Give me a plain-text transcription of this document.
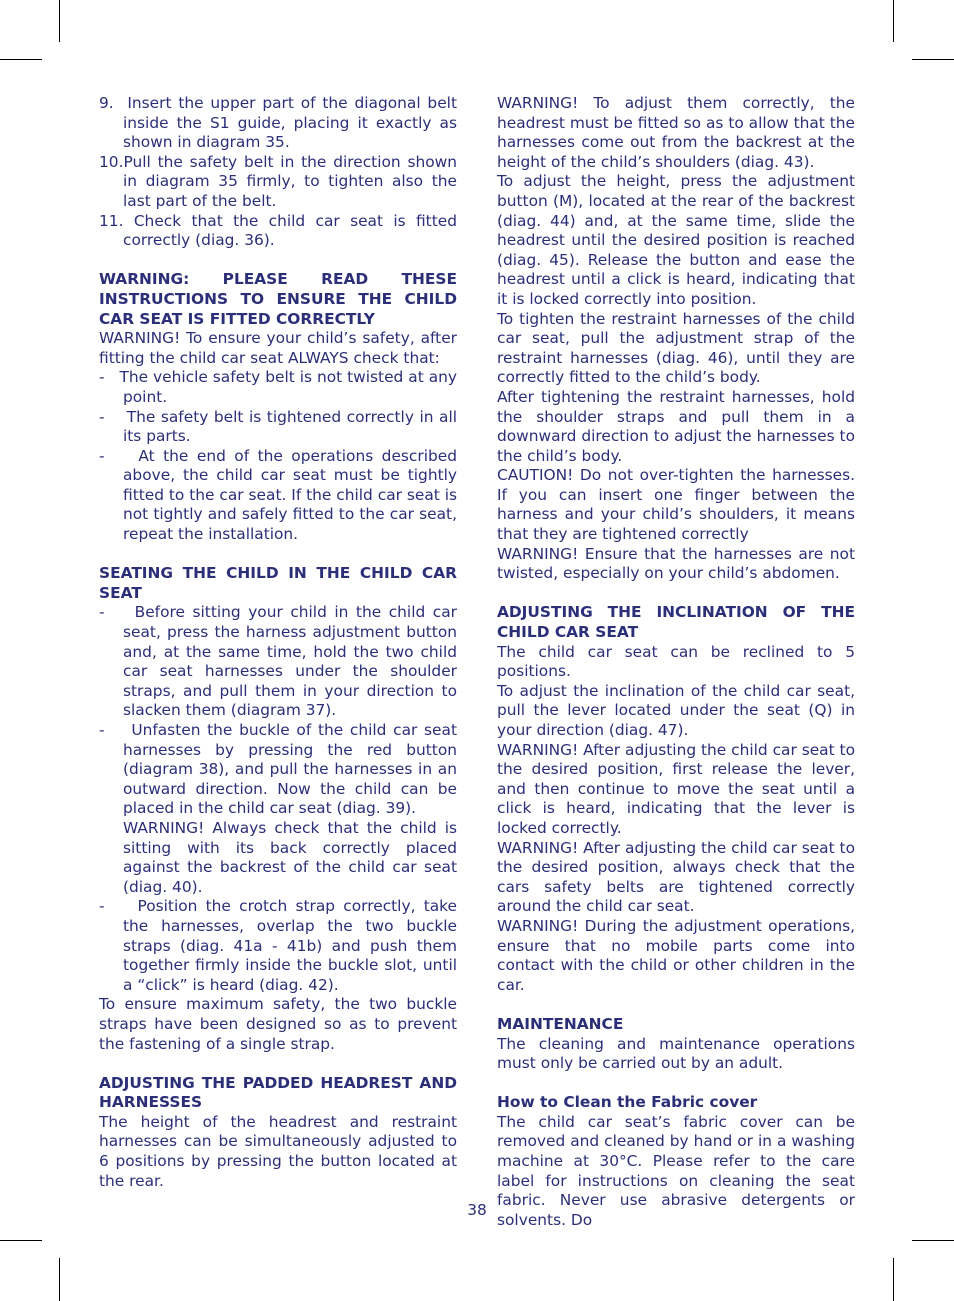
9. Insert the upper part of the diagonal belt inside the S1 guide, placing it exactly as shown in diagram 35.

10.Pull the safety belt in the direction shown in diagram 35 firmly, to tighten also the last part of the belt.

11. Check that the child car seat is fitted correctly (diag. 36).

WARNING: PLEASE READ THESE INSTRUCTIONS TO ENSURE THE CHILD CAR SEAT IS FITTED CORRECTLY

WARNING! To ensure your child’s safety, after fitting the child car seat ALWAYS check that:

-   The vehicle safety belt is not twisted at any point.

-    The safety belt is tightened correctly in all its parts.

-    At the end of the operations described above, the child car seat must be tightly fitted to the car seat. If the child car seat is not tightly and safely fitted to the car seat, repeat the installation.

SEATING THE CHILD IN THE CHILD CAR SEAT

-    Before sitting your child in the child car seat, press the harness adjustment button and, at the same time, hold the two child car seat harnesses under the shoulder straps, and pull them in your direction to slacken them (diagram 37).

-    Unfasten the buckle of the child car seat harnesses by pressing the red button (diagram 38), and pull the harnesses in an outward direction. Now the child can be placed in the child car seat (diag. 39).

WARNING! Always check that the child is sitting with its back correctly placed against the backrest of the child car seat (diag. 40).

-    Position the crotch strap correctly, take the harnesses, overlap the two buckle straps (diag. 41a - 41b) and push them together firmly inside the buckle slot, until a “click” is heard (diag. 42).

To ensure maximum safety, the two buckle straps have been designed so as to prevent the fastening of a single strap.

ADJUSTING THE PADDED HEADREST AND HARNESSES

The height of the headrest and restraint harnesses can be simultaneously adjusted to 6 positions by pressing the button located at the rear.

WARNING! To adjust them correctly, the headrest must be fitted so as to allow that the harnesses come out from the backrest at the height of the child’s shoulders (diag. 43).

To adjust the height, press the adjustment button (M), located at the rear of the backrest (diag. 44) and, at the same time, slide the headrest until the desired position is reached (diag. 45). Release the button and ease the headrest until a click is heard, indicating that it is locked correctly into position.

To tighten the restraint harnesses of the child car seat, pull the adjustment strap of the restraint harnesses (diag. 46), until they are correctly fitted to the child’s body.

After tightening the restraint harnesses, hold the shoulder straps and pull them in a downward direction to adjust the harnesses to the child’s body.

CAUTION! Do not over-tighten the harnesses. If you can insert one finger between the harness and your child’s shoulders, it means that they are tightened correctly

WARNING! Ensure that the harnesses are not twisted, especially on your child’s abdomen.

ADJUSTING THE INCLINATION OF THE CHILD CAR SEAT

The child car seat can be reclined to 5 positions.

To adjust the inclination of the child car seat, pull the lever located under the seat (Q) in your direction (diag. 47).

WARNING! After adjusting the child car seat to the desired position, first release the lever, and then continue to move the seat until a click is heard, indicating that the lever is locked correctly.

WARNING! After adjusting the child car seat to the desired position, always check that the cars safety belts are tightened correctly around the child car seat.

WARNING! During the adjustment operations, ensure that no mobile parts come into contact with the child or other children in the car.

MAINTENANCE

The cleaning and maintenance operations must only be carried out by an adult.

How to Clean the Fabric cover

The child car seat’s fabric cover can be removed and cleaned by hand or in a washing machine at 30°C. Please refer to the care label for instructions on cleaning the seat fabric. Never use abrasive detergents or solvents. Do

38
